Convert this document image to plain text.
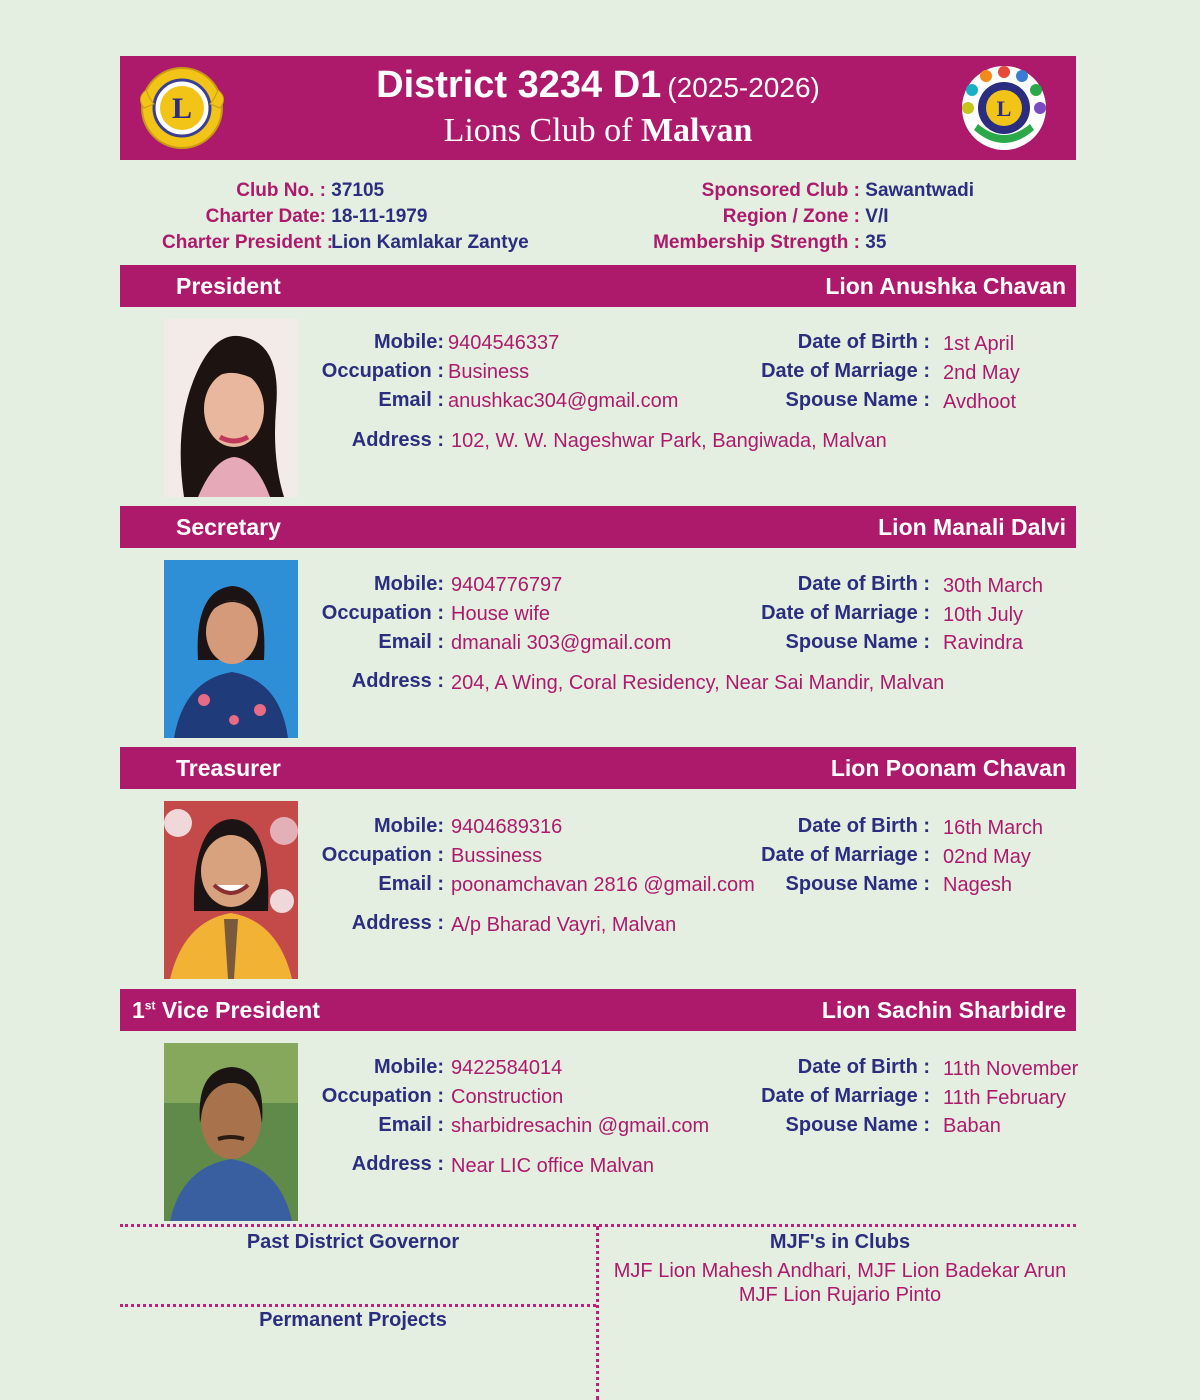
L
District 3234 D1 (2025-2026)
Lions Club of Malvan
L
Club No. : 37105
Charter Date: 18-11-1979
Charter President : Lion Kamlakar Zantye
Sponsored Club : Sawantwadi
Region / Zone : V/I
Membership Strength : 35
President	Lion Anushka Chavan
Mobile: 9404546337
Occupation : Business
Email : anushkac304@gmail.com
Address : 102, W. W. Nageshwar Park, Bangiwada, Malvan
Date of Birth : 1st April
Date of Marriage : 2nd May
Spouse Name : Avdhoot
Secretary	Lion Manali Dalvi
Mobile: 9404776797
Occupation : House wife
Email : dmanali 303@gmail.com
Address : 204, A Wing, Coral Residency, Near Sai Mandir, Malvan
Date of Birth : 30th March
Date of Marriage : 10th July
Spouse Name : Ravindra
Treasurer	Lion Poonam Chavan
Mobile: 9404689316
Occupation : Bussiness
Email : poonamchavan 2816 @gmail.com
Address : A/p Bharad Vayri, Malvan
Date of Birth : 16th March
Date of Marriage : 02nd May
Spouse Name : Nagesh
1st Vice President	Lion Sachin Sharbidre
Mobile: 9422584014
Occupation : Construction
Email : sharbidresachin @gmail.com
Address : Near LIC office Malvan
Date of Birth : 11th November
Date of Marriage : 11th February
Spouse Name : Baban
Past District Governor
Permanent Projects
MJF's in Clubs
MJF Lion Mahesh Andhari, MJF Lion Badekar Arun
MJF Lion Rujario Pinto
